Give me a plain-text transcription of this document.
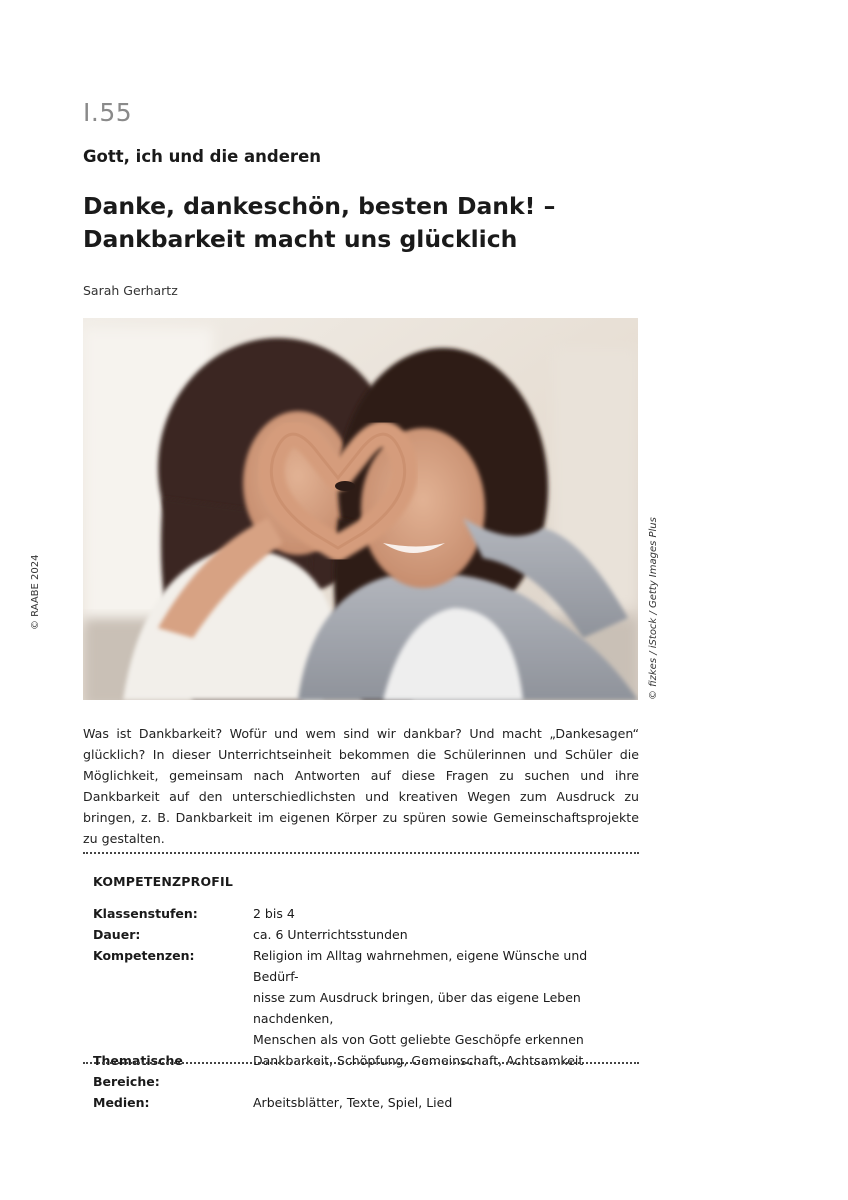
I.55
Gott, ich und die anderen
Danke, dankeschön, besten Dank! –
Dankbarkeit macht uns glücklich
Sarah Gerhartz
© RAABE 2024	© fizkes / iStock / Getty Images Plus

Was ist Dankbarkeit? Wofür und wem sind wir dankbar? Und macht „Dankesagen“ glücklich? In dieser Unterrichtseinheit bekommen die Schülerinnen und Schüler die Möglichkeit, gemeinsam nach Antworten auf diese Fragen zu suchen und ihre Dankbarkeit auf den unterschiedlichsten und kreativen Wegen zum Ausdruck zu bringen, z. B. Dankbarkeit im eigenen Körper zu spüren sowie Gemeinschaftsprojekte zu gestalten.

KOMPETENZPROFIL
Klassenstufen:	2 bis 4

Dauer:	ca. 6 Unterrichtsstunden

Kompetenzen:	Religion im Alltag wahrnehmen, eigene Wünsche und Bedürf-
nisse zum Ausdruck bringen, über das eigene Leben nachdenken,
Menschen als von Gott geliebte Geschöpfe erkennen

Thematische Bereiche:	Dankbarkeit, Schöpfung, Gemeinschaft, Achtsamkeit

Medien:	Arbeitsblätter, Texte, Spiel, Lied
